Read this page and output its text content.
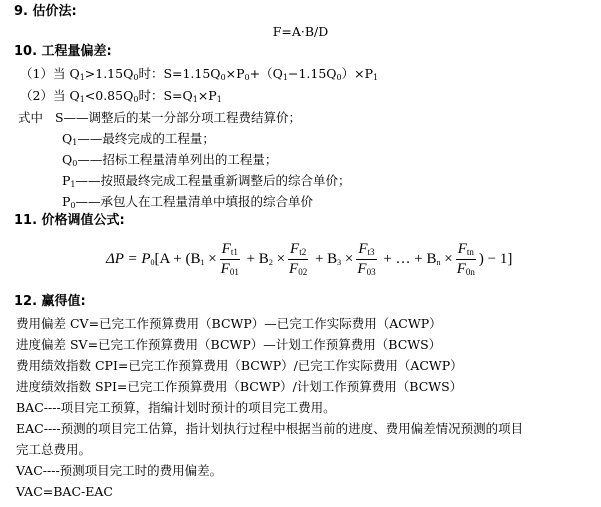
9. 估价法:
F=A·B/D
10. 工程量偏差:
（1）当 $Q_1>1.15Q_0$时：$S=1.15Q_0\times P_0+(Q_1-1.15Q_0)\times P_1$
（2）当 $Q_1<0.85Q_0$时：$S=Q_1\times P_1$
式中 S——调整后的某一分部分项工程费结算价；
$Q_1——$最终完成的工程量；
$Q_0——$招标工程量清单列出的工程量；
$P_1——$按照最终完成工程量重新调整后的综合单价；
$P_0——$承包人在工程量清单中填报的综合单价
11. 价格调值公式:
$\Delta P = P_0[A + (B_1 \times \frac{F_{t1}}{F_{01}} + B_2 \times \frac{F_{t2}}{F_{02}} + B_3 \times \frac{F_{t3}}{F_{03}}$ + … + $B_n \times \frac{F_{tn}}{F_{0n}}$ ) − 1]
12. 赢得值:
费用偏差 CV=已完工作预算费用（BCWP）—已完工作实际费用（ACWP）
进度偏差 SV=已完工作预算费用（BCWP）—计划工作预算费用（BCWS）
费用绩效指数 CPI=已完工作预算费用（BCWP）/已完工作实际费用（ACWP）
进度绩效指数 SPI=已完工作预算费用（BCWP）/计划工作预算费用（BCWS）
BAC----项目完工预算，指编计划时预计的项目完工费用。
EAC----预测的项目完工估算，指计划执行过程中根据当前的进度、费用偏差情况预测的项目
完工总费用。
VAC----预测项目完工时的费用偏差。
VAC=BAC-EAC
